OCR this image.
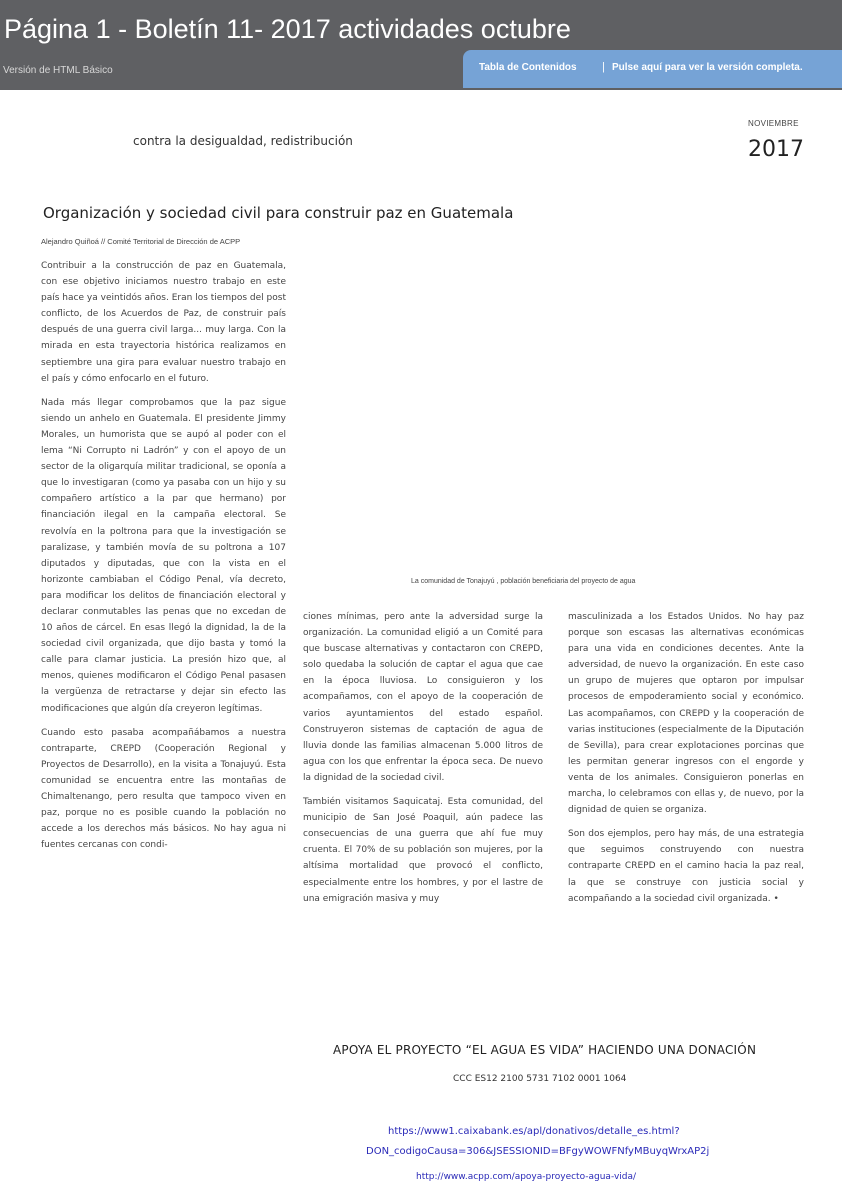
Página 1 - Boletín 11- 2017 actividades octubre
Versión de HTML Básico	Tabla de Contenidos | Pulse aquí para ver la versión completa.
contra la desigualdad, redistribución
NOVIEMBRE
2017
Organización y sociedad civil para construir paz en Guatemala
Alejandro Quiñoá // Comité Territorial de Dirección de ACPP

Contribuir a la construcción de paz en Guatemala, con ese objetivo iniciamos nuestro trabajo en este país hace ya veintidós años. Eran los tiempos del post conflicto, de los Acuerdos de Paz, de construir país después de una guerra civil larga... muy larga. Con la mirada en esta trayectoria histórica realizamos en septiembre una gira para evaluar nuestro trabajo en el país y cómo enfocarlo en el futuro.

Nada más llegar comprobamos que la paz sigue siendo un anhelo en Guatemala. El presidente Jimmy Morales, un humorista que se aupó al poder con el lema “Ni Corrupto ni Ladrón” y con el apoyo de un sector de la oligarquía militar tradicional, se oponía a que lo investigaran (como ya pasaba con un hijo y su compañero artístico a la par que hermano) por financiación ilegal en la campaña electoral. Se revolvía en la poltrona para que la investigación se paralizase, y también movía de su poltrona a 107 diputados y diputadas, que con la vista en el horizonte cambiaban el Código Penal, vía decreto, para modificar los delitos de financiación electoral y declarar conmutables las penas que no excedan de 10 años de cárcel. En esas llegó la dignidad, la de la sociedad civil organizada, que dijo basta y tomó la calle para clamar justicia. La presión hizo que, al menos, quienes modificaron el Código Penal pasasen la vergüenza de retractarse y dejar sin efecto las modificaciones que algún día creyeron legítimas.

Cuando esto pasaba acompañábamos a nuestra contraparte, CREPD (Cooperación Regional y Proyectos de Desarrollo), en la visita a Tonajuyú. Esta comunidad se encuentra entre las montañas de Chimaltenango, pero resulta que tampoco viven en paz, porque no es posible cuando la población no accede a los derechos más básicos. No hay agua ni fuentes cercanas con condi-

La comunidad de Tonajuyú , población beneficiaria del proyecto de agua

ciones mínimas, pero ante la adversidad surge la organización. La comunidad eligió a un Comité para que buscase alternativas y contactaron con CREPD, solo quedaba la solución de captar el agua que cae en la época lluviosa. Lo consiguieron y los acompañamos, con el apoyo de la cooperación de varios ayuntamientos del estado español. Construyeron sistemas de captación de agua de lluvia donde las familias almacenan 5.000 litros de agua con los que enfrentar la época seca. De nuevo la dignidad de la sociedad civil.

También visitamos Saquicataj. Esta comunidad, del municipio de San José Poaquil, aún padece las consecuencias de una guerra que ahí fue muy cruenta. El 70% de su población son mujeres, por la altísima mortalidad que provocó el conflicto, especialmente entre los hombres, y por el lastre de una emigración masiva y muy

masculinizada a los Estados Unidos. No hay paz porque son escasas las alternativas económicas para una vida en condiciones decentes. Ante la adversidad, de nuevo la organización. En este caso un grupo de mujeres que optaron por impulsar procesos de empoderamiento social y económico. Las acompañamos, con CREPD y la cooperación de varias instituciones (especialmente de la Diputación de Sevilla), para crear explotaciones porcinas que les permitan generar ingresos con el engorde y venta de los animales. Consiguieron ponerlas en marcha, lo celebramos con ellas y, de nuevo, por la dignidad de quien se organiza.

Son dos ejemplos, pero hay más, de una estrategia que seguimos construyendo con nuestra contraparte CREPD en el camino hacia la paz real, la que se construye con justicia social y acompañando a la sociedad civil organizada. •

APOYA EL PROYECTO “EL AGUA ES VIDA” HACIENDO UNA DONACIÓN
CCC ES12 2100 5731 7102 0001 1064
https://www1.caixabank.es/apl/donativos/detalle_es.html?
DON_codigoCausa=306&JSESSIONID=BFgyWOWFNfyMBuyqWrxAP2j
http://www.acpp.com/apoya-proyecto-agua-vida/
